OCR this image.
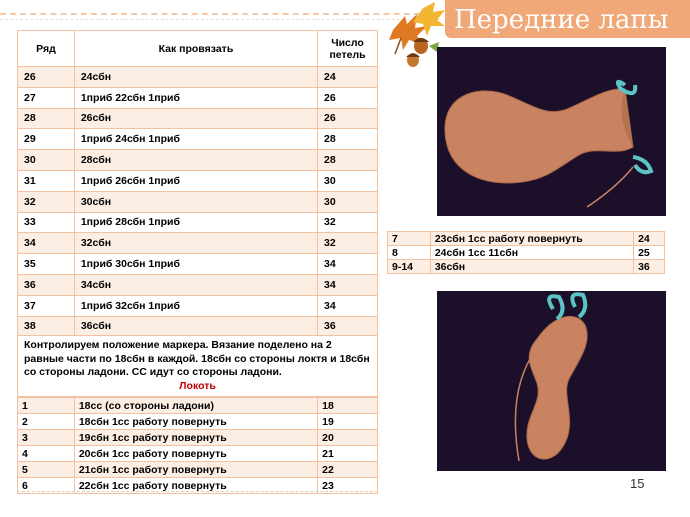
Передние лапы
Ряд	Как провязать	Число петель
26	24сбн	24
27	1приб 22сбн 1приб	26
28	26сбн	26
29	1приб 24сбн 1приб	28
30	28сбн	28
31	1приб 26сбн 1приб	30
32	30сбн	30
33	1приб 28сбн 1приб	32
34	32сбн	32
35	1приб 30сбн 1приб	34
36	34сбн	34
37	1приб 32сбн 1приб	34
38	36сбн	36
Контролируем положение маркера. Вязание поделено на 2 равные части по 18сбн в каждой. 18сбн со стороны локтя и 18сбн со стороны ладони. СС идут со стороны ладони.
Локоть
1	18сс (со стороны ладони)	18
2	18сбн 1сс работу повернуть	19
3	19сбн 1сс работу повернуть	20
4	20сбн 1сс работу повернуть	21
5	21сбн 1сс работу повернуть	22
6	22сбн 1сс работу повернуть	23
7	23сбн 1сс работу повернуть	24
8	24сбн 1сс 11сбн	25
9-14	36сбн	36
15
